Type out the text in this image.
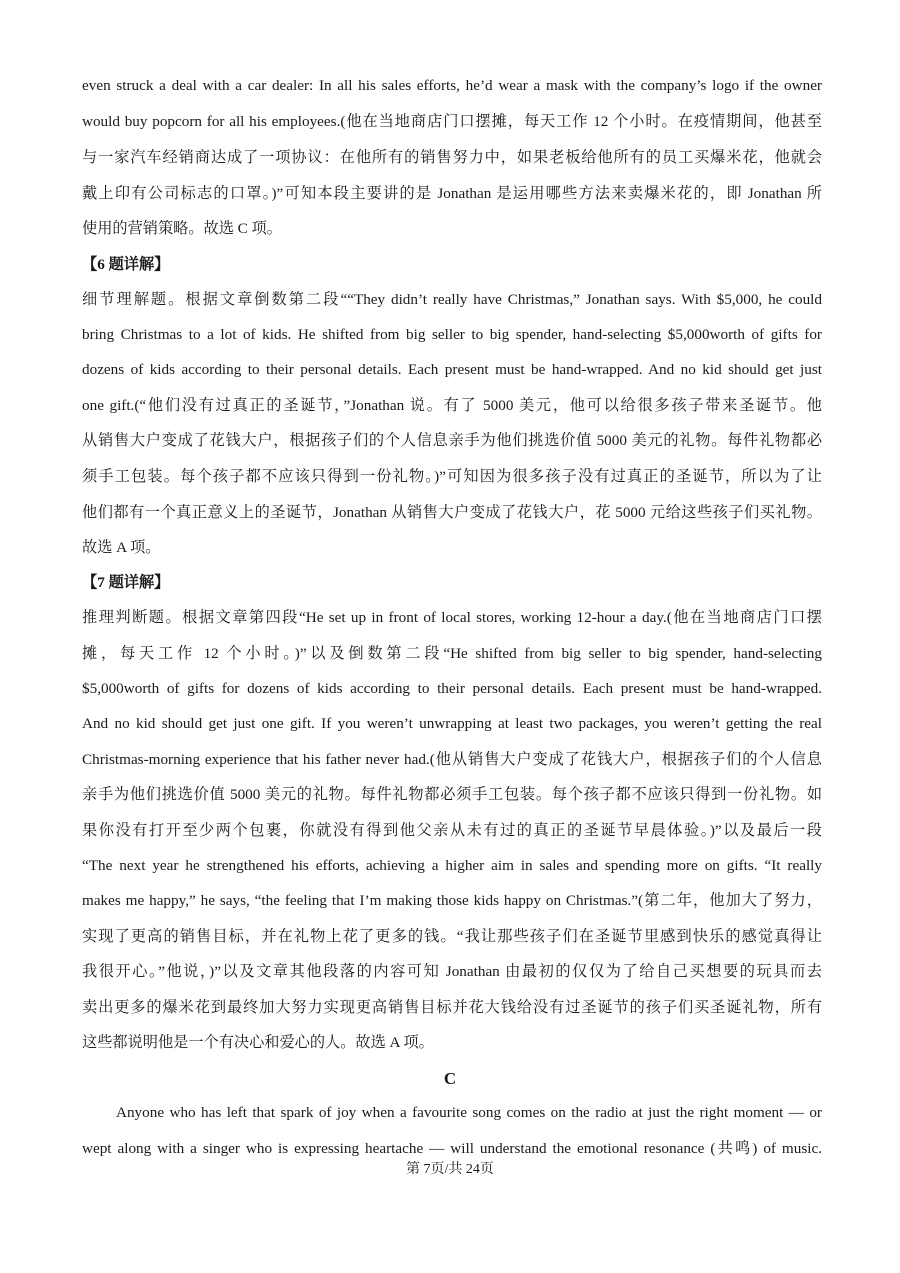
even struck a deal with a car dealer: In all his sales efforts, he’d wear a mask with the company’s logo if the owner
would buy popcorn for all his employees.(他在当地商店门口摆摊，每天工作 12 个小时。在疫情期间，他甚至
与一家汽车经销商达成了一项协议：在他所有的销售努力中，如果老板给他所有的员工买爆米花，他就会
戴上印有公司标志的口罩。)”可知本段主要讲的是 Jonathan 是运用哪些方法来卖爆米花的，即 Jonathan 所
使用的营销策略。故选 C 项。
【6 题详解】
细节理解题。根据文章倒数第二段““They didn’t really have Christmas,” Jonathan says. With $5,000, he could
bring Christmas to a lot of kids. He shifted from big seller to big spender, hand-selecting $5,000worth of gifts for
dozens of kids according to their personal details. Each present must be hand-wrapped. And no kid should get just
one gift.(“他们没有过真正的圣诞节，”Jonathan 说。有了 5000 美元，他可以给很多孩子带来圣诞节。他
从销售大户变成了花钱大户，根据孩子们的个人信息亲手为他们挑选价值 5000 美元的礼物。每件礼物都必
须手工包装。每个孩子都不应该只得到一份礼物。)”可知因为很多孩子没有过真正的圣诞节，所以为了让
他们都有一个真正意义上的圣诞节，Jonathan 从销售大户变成了花钱大户，花 5000 元给这些孩子们买礼物。
故选 A 项。
【7 题详解】
推理判断题。根据文章第四段“He set up in front of local stores, working 12-hour a day.(他在当地商店门口摆
摊，每天工作 12 个小时。)”以及倒数第二段“He shifted from big seller to big spender, hand-selecting
$5,000worth of gifts for dozens of kids according to their personal details. Each present must be hand-wrapped.
And no kid should get just one gift. If you weren’t unwrapping at least two packages, you weren’t getting the real
Christmas-morning experience that his father never had.(他从销售大户变成了花钱大户，根据孩子们的个人信息
亲手为他们挑选价值 5000 美元的礼物。每件礼物都必须手工包装。每个孩子都不应该只得到一份礼物。如
果你没有打开至少两个包裹，你就没有得到他父亲从未有过的真正的圣诞节早晨体验。)”以及最后一段
“The next year he strengthened his efforts, achieving a higher aim in sales and spending more on gifts. “It really
makes me happy,” he says, “the feeling that I’m making those kids happy on Christmas.”(第二年，他加大了努力，
实现了更高的销售目标，并在礼物上花了更多的钱。“我让那些孩子们在圣诞节里感到快乐的感觉真得让
我很开心。”他说，)”以及文章其他段落的内容可知 Jonathan 由最初的仅仅为了给自己买想要的玩具而去
卖出更多的爆米花到最终加大努力实现更高销售目标并花大钱给没有过圣诞节的孩子们买圣诞礼物，所有
这些都说明他是一个有决心和爱心的人。故选 A 项。
C
Anyone who has left that spark of joy when a favourite song comes on the radio at just the right moment — or
wept along with a singer who is expressing heartache — will understand the emotional resonance (共鸣) of music.
第 7页/共 24页
